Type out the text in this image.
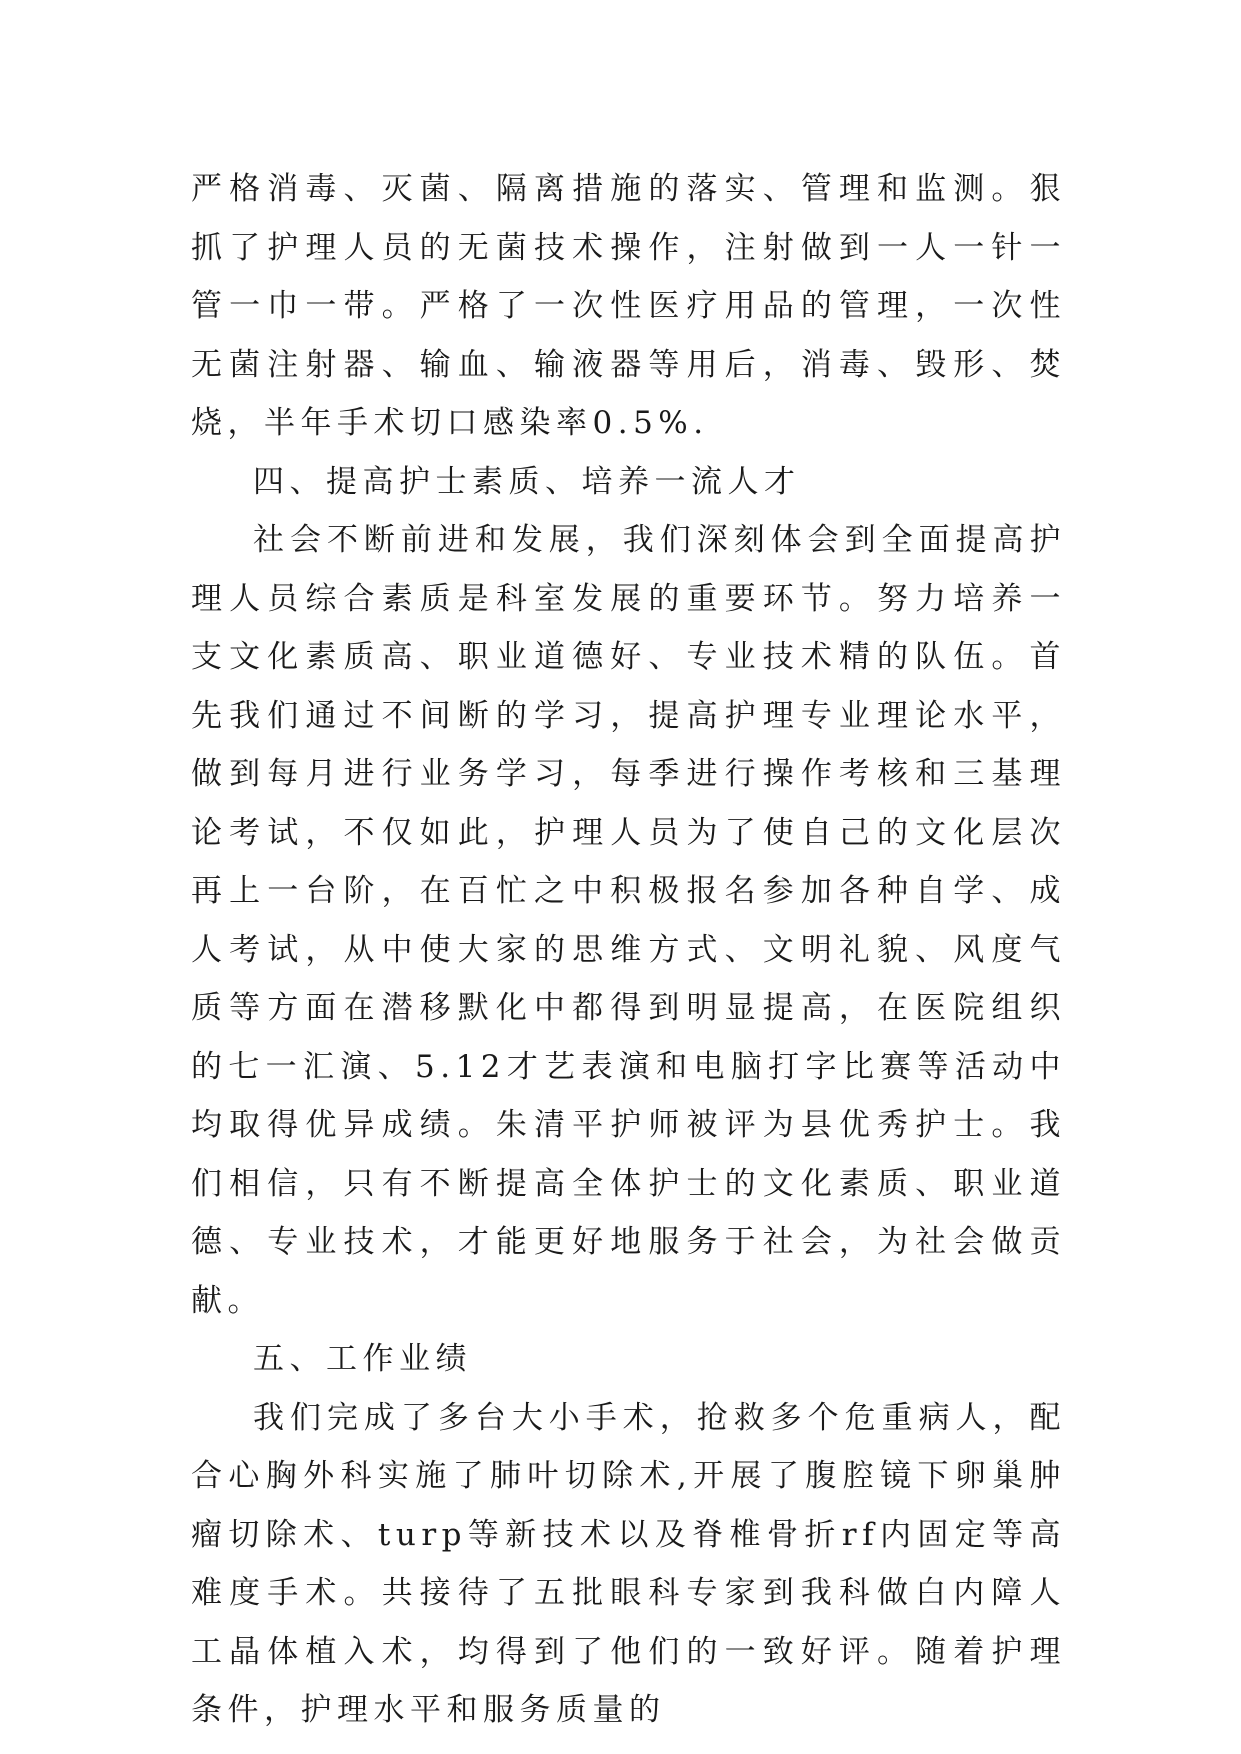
严格消毒、灭菌、隔离措施的落实、管理和监测。狠抓了护理人员的无菌技术操作，注射做到一人一针一管一巾一带。严格了一次性医疗用品的管理，一次性无菌注射器、输血、输液器等用后，消毒、毁形、焚烧，半年手术切口感染率0.5%.

四、提高护士素质、培养一流人才

社会不断前进和发展，我们深刻体会到全面提高护理人员综合素质是科室发展的重要环节。努力培养一支文化素质高、职业道德好、专业技术精的队伍。首先我们通过不间断的学习，提高护理专业理论水平，做到每月进行业务学习，每季进行操作考核和三基理论考试，不仅如此，护理人员为了使自己的文化层次再上一台阶，在百忙之中积极报名参加各种自学、成人考试，从中使大家的思维方式、文明礼貌、风度气质等方面在潜移默化中都得到明显提高，在医院组织的七一汇演、5.12才艺表演和电脑打字比赛等活动中均取得优异成绩。朱清平护师被评为县优秀护士。我们相信，只有不断提高全体护士的文化素质、职业道德、专业技术，才能更好地服务于社会，为社会做贡献。

五、工作业绩

我们完成了多台大小手术，抢救多个危重病人，配合心胸外科实施了肺叶切除术,开展了腹腔镜下卵巢肿瘤切除术、turp等新技术以及脊椎骨折rf内固定等高难度手术。共接待了五批眼科专家到我科做白内障人工晶体植入术，均得到了他们的一致好评。随着护理条件，护理水平和服务质量的
